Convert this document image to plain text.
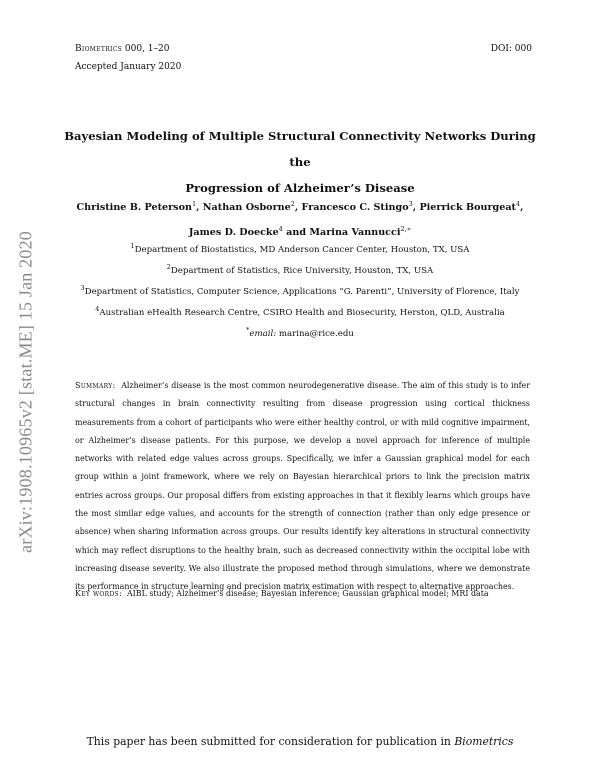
Biometrics 000, 1–20
Accepted January 2020
DOI: 000
Bayesian Modeling of Multiple Structural Connectivity Networks During the
Progression of Alzheimer’s Disease
Christine B. Peterson$^1$, Nathan Osborne$^2$, Francesco C. Stingo$^3$, Pierrick Bourgeat$^4$,
James D. Doecke$^4$ and Marina Vannucci$^{2,∗}$
$^1$Department of Biostatistics, MD Anderson Cancer Center, Houston, TX, USA
$^2$Department of Statistics, Rice University, Houston, TX, USA
$^3$Department of Statistics, Computer Science, Applications “G. Parenti”, University of Florence, Italy
$^4$Australian eHealth Research Centre, CSIRO Health and Biosecurity, Herston, QLD, Australia
*email: marina@rice.edu
Summary: Alzheimer’s disease is the most common neurodegenerative disease. The aim of this study is to infer structural changes in brain connectivity resulting from disease progression using cortical thickness measurements from a cohort of participants who were either healthy control, or with mild cognitive impairment, or Alzheimer’s disease patients. For this purpose, we develop a novel approach for inference of multiple networks with related edge values across groups. Specifically, we infer a Gaussian graphical model for each group within a joint framework, where we rely on Bayesian hierarchical priors to link the precision matrix entries across groups. Our proposal differs from existing approaches in that it flexibly learns which groups have the most similar edge values, and accounts for the strength of connection (rather than only edge presence or absence) when sharing information across groups. Our results identify key alterations in structural connectivity which may reflect disruptions to the healthy brain, such as decreased connectivity within the occipital lobe with increasing disease severity. We also illustrate the proposed method through simulations, where we demonstrate its performance in structure learning and precision matrix estimation with respect to alternative approaches.
Key words: AIBL study; Alzheimer’s disease; Bayesian inference; Gaussian graphical model; MRI data
This paper has been submitted for consideration for publication in Biometrics
arXiv:1908.10965v2 [stat.ME] 15 Jan 2020
